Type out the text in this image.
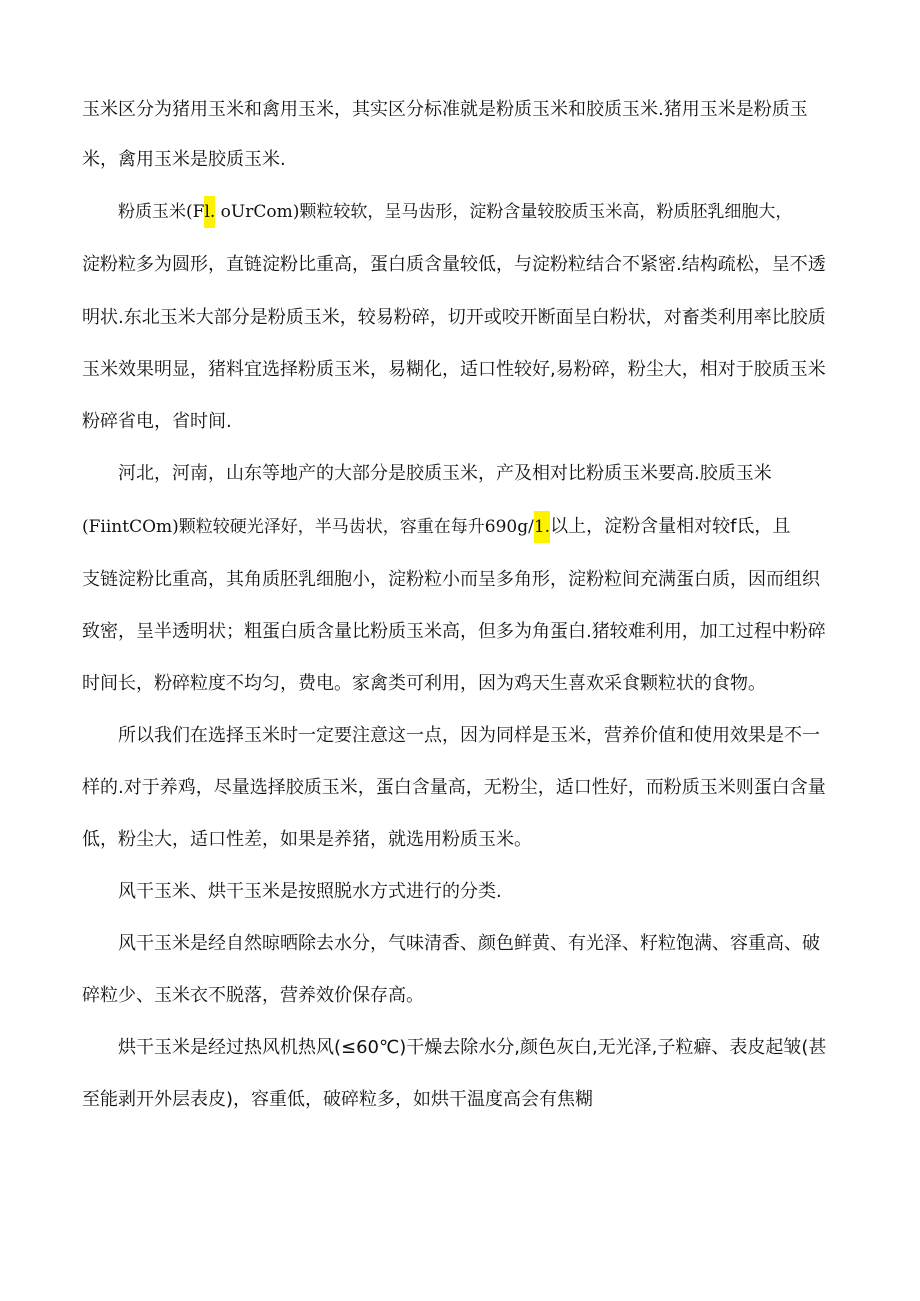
玉米区分为猪用玉米和禽用玉米，其实区分标准就是粉质玉米和胶质玉米.猪用玉米是粉质玉
米，禽用玉米是胶质玉米.
粉质玉米(Fl. oUrCom)颗粒较软，呈马齿形，淀粉含量较胶质玉米高，粉质胚乳细胞大，
淀粉粒多为圆形，直链淀粉比重高，蛋白质含量较低，与淀粉粒结合不紧密.结构疏松，呈不透
明状.东北玉米大部分是粉质玉米，较易粉碎，切开或咬开断面呈白粉状，对畜类利用率比胶质
玉米效果明显，猪料宜选择粉质玉米，易糊化，适口性较好,易粉碎，粉尘大，相对于胶质玉米
粉碎省电，省时间.
河北，河南，山东等地产的大部分是胶质玉米，产及相对比粉质玉米要高.胶质玉米
(FiintCOm)颗粒较硬光泽好，半马齿状，容重在每升690g/1.以上，淀粉含量相对较f氐，且
支链淀粉比重高，其角质胚乳细胞小，淀粉粒小而呈多角形，淀粉粒间充满蛋白质，因而组织
致密，呈半透明状；粗蛋白质含量比粉质玉米高，但多为角蛋白.猪较难利用，加工过程中粉碎
时间长，粉碎粒度不均匀，费电。家禽类可利用，因为鸡天生喜欢采食颗粒状的食物。
所以我们在选择玉米时一定要注意这一点，因为同样是玉米，营养价值和使用效果是不一
样的.对于养鸡，尽量选择胶质玉米，蛋白含量高，无粉尘，适口性好，而粉质玉米则蛋白含量
低，粉尘大，适口性差，如果是养猪，就选用粉质玉米。
风干玉米、烘干玉米是按照脱水方式进行的分类.
风干玉米是经自然晾晒除去水分，气味清香、颜色鲜黄、有光泽、籽粒饱满、容重高、破
碎粒少、玉米衣不脱落，营养效价保存高。
烘干玉米是经过热风机热风(≤60℃)干燥去除水分,颜色灰白,无光泽,子粒癖、表皮起皱(甚
至能剥开外层表皮)，容重低，破碎粒多，如烘干温度高会有焦糊
